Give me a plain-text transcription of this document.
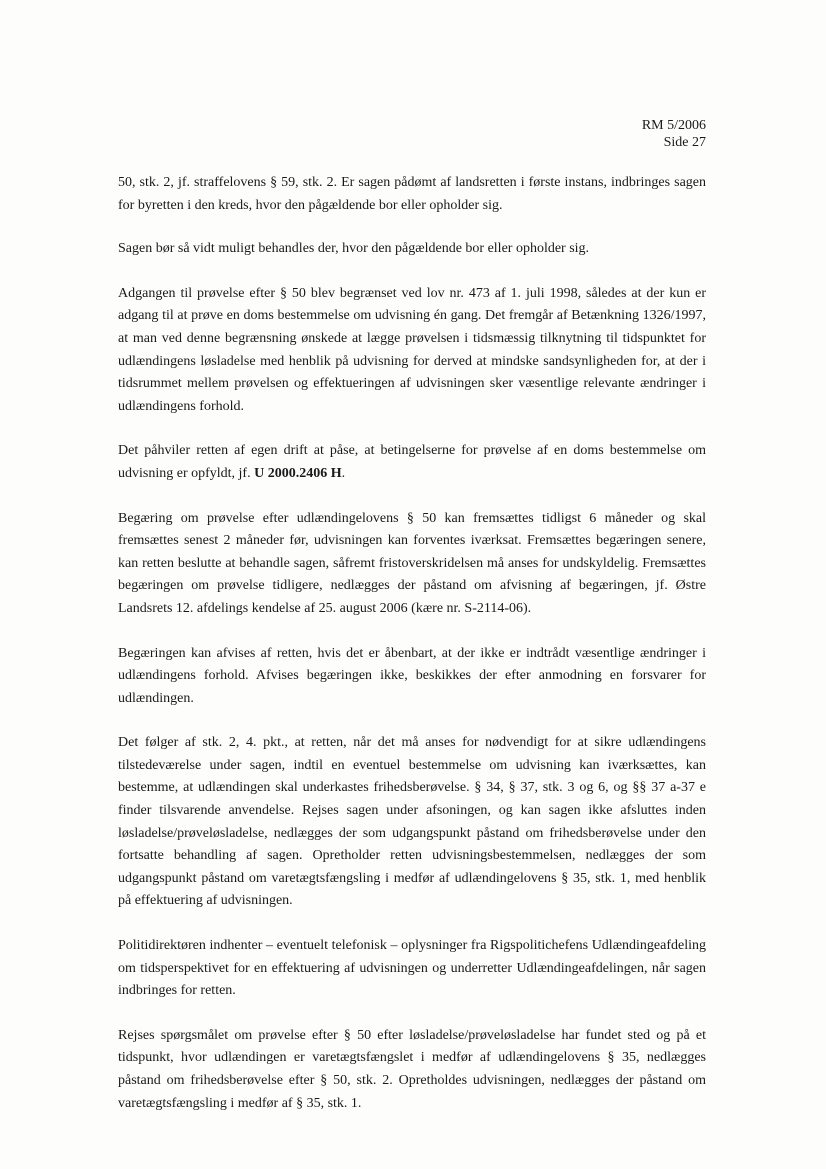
RM 5/2006
Side 27

50, stk. 2, jf. straffelovens § 59, stk. 2. Er sagen pådømt af landsretten i første instans, indbringes sagen for byretten i den kreds, hvor den pågældende bor eller opholder sig.

Sagen bør så vidt muligt behandles der, hvor den pågældende bor eller opholder sig.

Adgangen til prøvelse efter § 50 blev begrænset ved lov nr. 473 af 1. juli 1998, således at der kun er adgang til at prøve en doms bestemmelse om udvisning én gang. Det fremgår af Betænkning 1326/1997, at man ved denne begrænsning ønskede at lægge prøvelsen i tidsmæssig tilknytning til tidspunktet for udlændingens løsladelse med henblik på udvisning for derved at mindske sandsynligheden for, at der i tidsrummet mellem prøvelsen og effektueringen af udvisningen sker væsentlige relevante ændringer i udlændingens forhold.

Det påhviler retten af egen drift at påse, at betingelserne for prøvelse af en doms bestemmelse om udvisning er opfyldt, jf. U 2000.2406 H.

Begæring om prøvelse efter udlændingelovens § 50 kan fremsættes tidligst 6 måneder og skal fremsættes senest 2 måneder før, udvisningen kan forventes iværksat. Fremsættes begæringen senere, kan retten beslutte at behandle sagen, såfremt fristoverskridelsen må anses for undskyldelig. Fremsættes begæringen om prøvelse tidligere, nedlægges der påstand om afvisning af begæringen, jf. Østre Landsrets 12. afdelings kendelse af 25. august 2006 (kære nr. S-2114-06).

Begæringen kan afvises af retten, hvis det er åbenbart, at der ikke er indtrådt væsentlige ændringer i udlændingens forhold. Afvises begæringen ikke, beskikkes der efter anmodning en forsvarer for udlændingen.

Det følger af stk. 2, 4. pkt., at retten, når det må anses for nødvendigt for at sikre udlændingens tilstedeværelse under sagen, indtil en eventuel bestemmelse om udvisning kan iværksættes, kan bestemme, at udlændingen skal underkastes frihedsberøvelse. § 34, § 37, stk. 3 og 6, og §§ 37 a-37 e finder tilsvarende anvendelse. Rejses sagen under afsoningen, og kan sagen ikke afsluttes inden løsladelse/prøveløsladelse, nedlægges der som udgangspunkt påstand om frihedsberøvelse under den fortsatte behandling af sagen. Opretholder retten udvisningsbestemmelsen, nedlægges der som udgangspunkt påstand om varetægtsfængsling i medfør af udlændingelovens § 35, stk. 1, med henblik på effektuering af udvisningen.

Politidirektøren indhenter – eventuelt telefonisk – oplysninger fra Rigspolitichefens Udlændingeafdeling om tidsperspektivet for en effektuering af udvisningen og underretter Udlændingeafdelingen, når sagen indbringes for retten.

Rejses spørgsmålet om prøvelse efter § 50 efter løsladelse/prøveløsladelse har fundet sted og på et tidspunkt, hvor udlændingen er varetægtsfængslet i medfør af udlændingelovens § 35, nedlægges påstand om frihedsberøvelse efter § 50, stk. 2. Opretholdes udvisningen, nedlægges der påstand om varetægtsfængsling i medfør af § 35, stk. 1.
